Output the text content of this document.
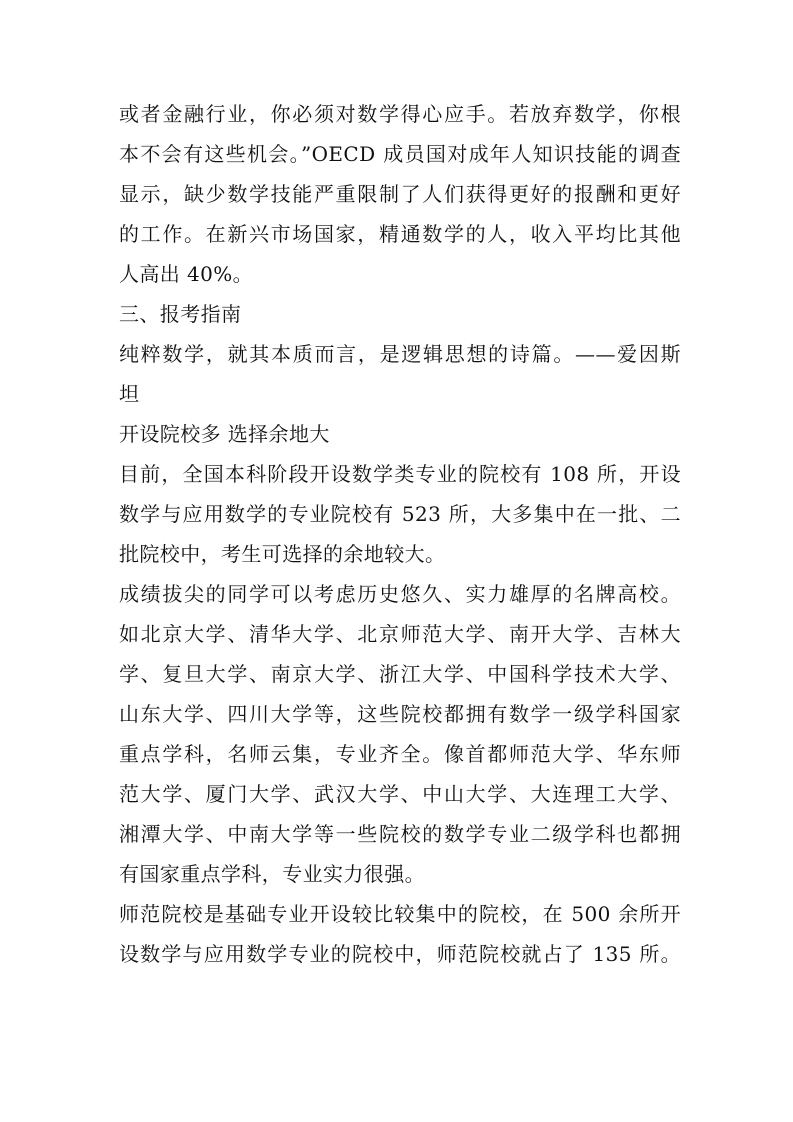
或者金融行业，你必须对数学得心应手。若放弃数学，你根
本不会有这些机会。”OECD 成员国对成年人知识技能的调查
显示，缺少数学技能严重限制了人们获得更好的报酬和更好
的工作。在新兴市场国家，精通数学的人，收入平均比其他
人高出 40%。
三、报考指南
纯粹数学，就其本质而言，是逻辑思想的诗篇。——爱因斯
坦
开设院校多 选择余地大
目前，全国本科阶段开设数学类专业的院校有 108 所，开设
数学与应用数学的专业院校有 523 所，大多集中在一批、二
批院校中，考生可选择的余地较大。
成绩拔尖的同学可以考虑历史悠久、实力雄厚的名牌高校。
如北京大学、清华大学、北京师范大学、南开大学、吉林大
学、复旦大学、南京大学、浙江大学、中国科学技术大学、
山东大学、四川大学等，这些院校都拥有数学一级学科国家
重点学科，名师云集，专业齐全。像首都师范大学、华东师
范大学、厦门大学、武汉大学、中山大学、大连理工大学、
湘潭大学、中南大学等一些院校的数学专业二级学科也都拥
有国家重点学科，专业实力很强。
师范院校是基础专业开设较比较集中的院校，在 500 余所开
设数学与应用数学专业的院校中，师范院校就占了 135 所。
